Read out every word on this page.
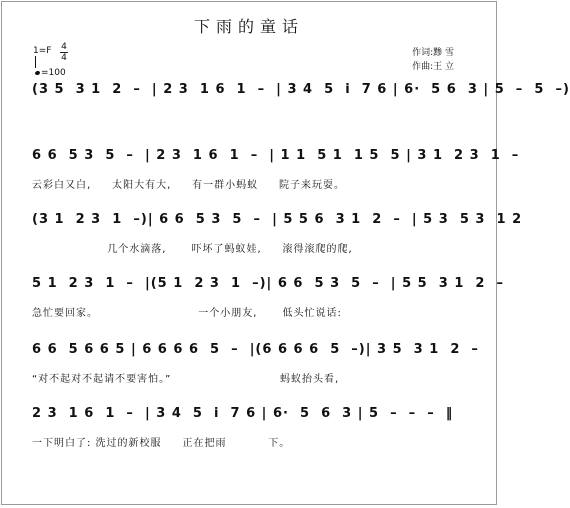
下雨的童话
1=F 4
4
=100
作词:黪 雪
作曲:王 立
(3 5  3 1  2  –  | 2 3  1 6  1  –  | 3 4  5  i  7 6 | 6·  5 6  3 | 5  –  5  –)
6 6  5 3  5  –  | 2 3  1 6  1  –  | 1 1  5 1  1 5  5 | 3 1  2 3  1  –
云彩白又白,     太阳大有大,     有一群小蚂蚁     院子来玩耍。
(3 1  2 3  1  –)| 6 6  5 3  5  –  | 5 5 6  3 1  2  –  | 5 3  5 3  1 2
几个水滴落,      吓坏了蚂蚁娃,     滚得滚爬的爬,
5 1  2 3  1  –  |(5 1  2 3  1  –)| 6 6  5 3  5  –  | 5 5  3 1  2  –
急忙要回家。                        一个小朋友,      低头忙说话:
6 6  5 6 6 5 | 6 6 6 6  5  –  |(6 6 6 6  5  –)| 3 5  3 1  2  –
“对不起对不起请不要害怕。”                          蚂蚁抬头看,
2 3  1 6  1  –  | 3 4  5  i  7 6 | 6·  5  6  3 | 5  –  –  –  ‖
一下明白了: 洗过的新校服     正在把雨          下。
